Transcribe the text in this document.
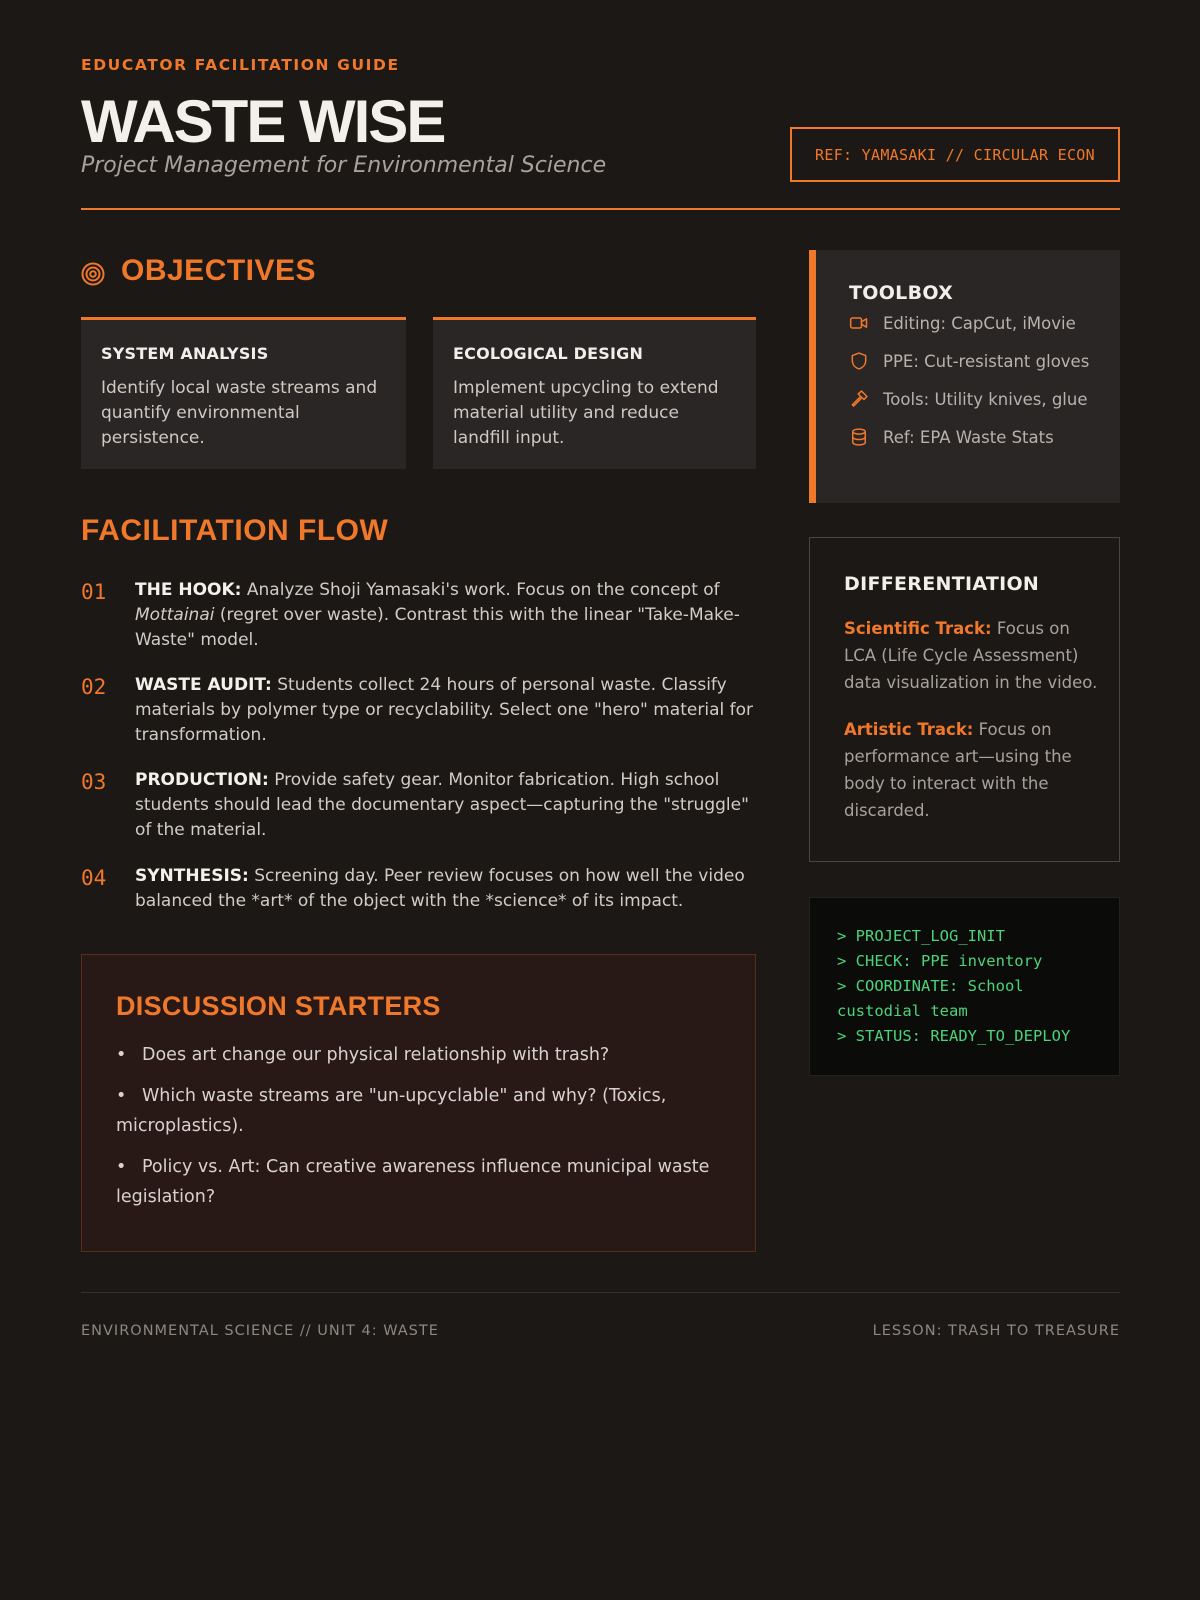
EDUCATOR FACILITATION GUIDE
WASTE WISE
Project Management for Environmental Science	REF: YAMASAKI // CIRCULAR ECON
OBJECTIVES
SYSTEM ANALYSIS
Identify local waste streams and quantify environmental persistence.
ECOLOGICAL DESIGN
Implement upcycling to extend material utility and reduce landfill input.
FACILITATION FLOW
01 THE HOOK: Analyze Shoji Yamasaki's work. Focus on the concept of Mottainai (regret over waste). Contrast this with the linear "Take-Make-Waste" model.
02 WASTE AUDIT: Students collect 24 hours of personal waste. Classify materials by polymer type or recyclability. Select one "hero" material for transformation.
03 PRODUCTION: Provide safety gear. Monitor fabrication. High school students should lead the documentary aspect—capturing the "struggle" of the material.
04 SYNTHESIS: Screening day. Peer review focuses on how well the video balanced the *art* of the object with the *science* of its impact.
DISCUSSION STARTERS
• Does art change our physical relationship with trash?
• Which waste streams are "un-upcyclable" and why? (Toxics, microplastics).
• Policy vs. Art: Can creative awareness influence municipal waste legislation?
TOOLBOX
Editing: CapCut, iMovie
PPE: Cut-resistant gloves
Tools: Utility knives, glue
Ref: EPA Waste Stats
DIFFERENTIATION
Scientific Track: Focus on LCA (Life Cycle Assessment) data visualization in the video.
Artistic Track: Focus on performance art—using the body to interact with the discarded.
> PROJECT_LOG_INIT
> CHECK: PPE inventory
> COORDINATE: School custodial team
> STATUS: READY_TO_DEPLOY
ENVIRONMENTAL SCIENCE // UNIT 4: WASTE	LESSON: TRASH TO TREASURE
